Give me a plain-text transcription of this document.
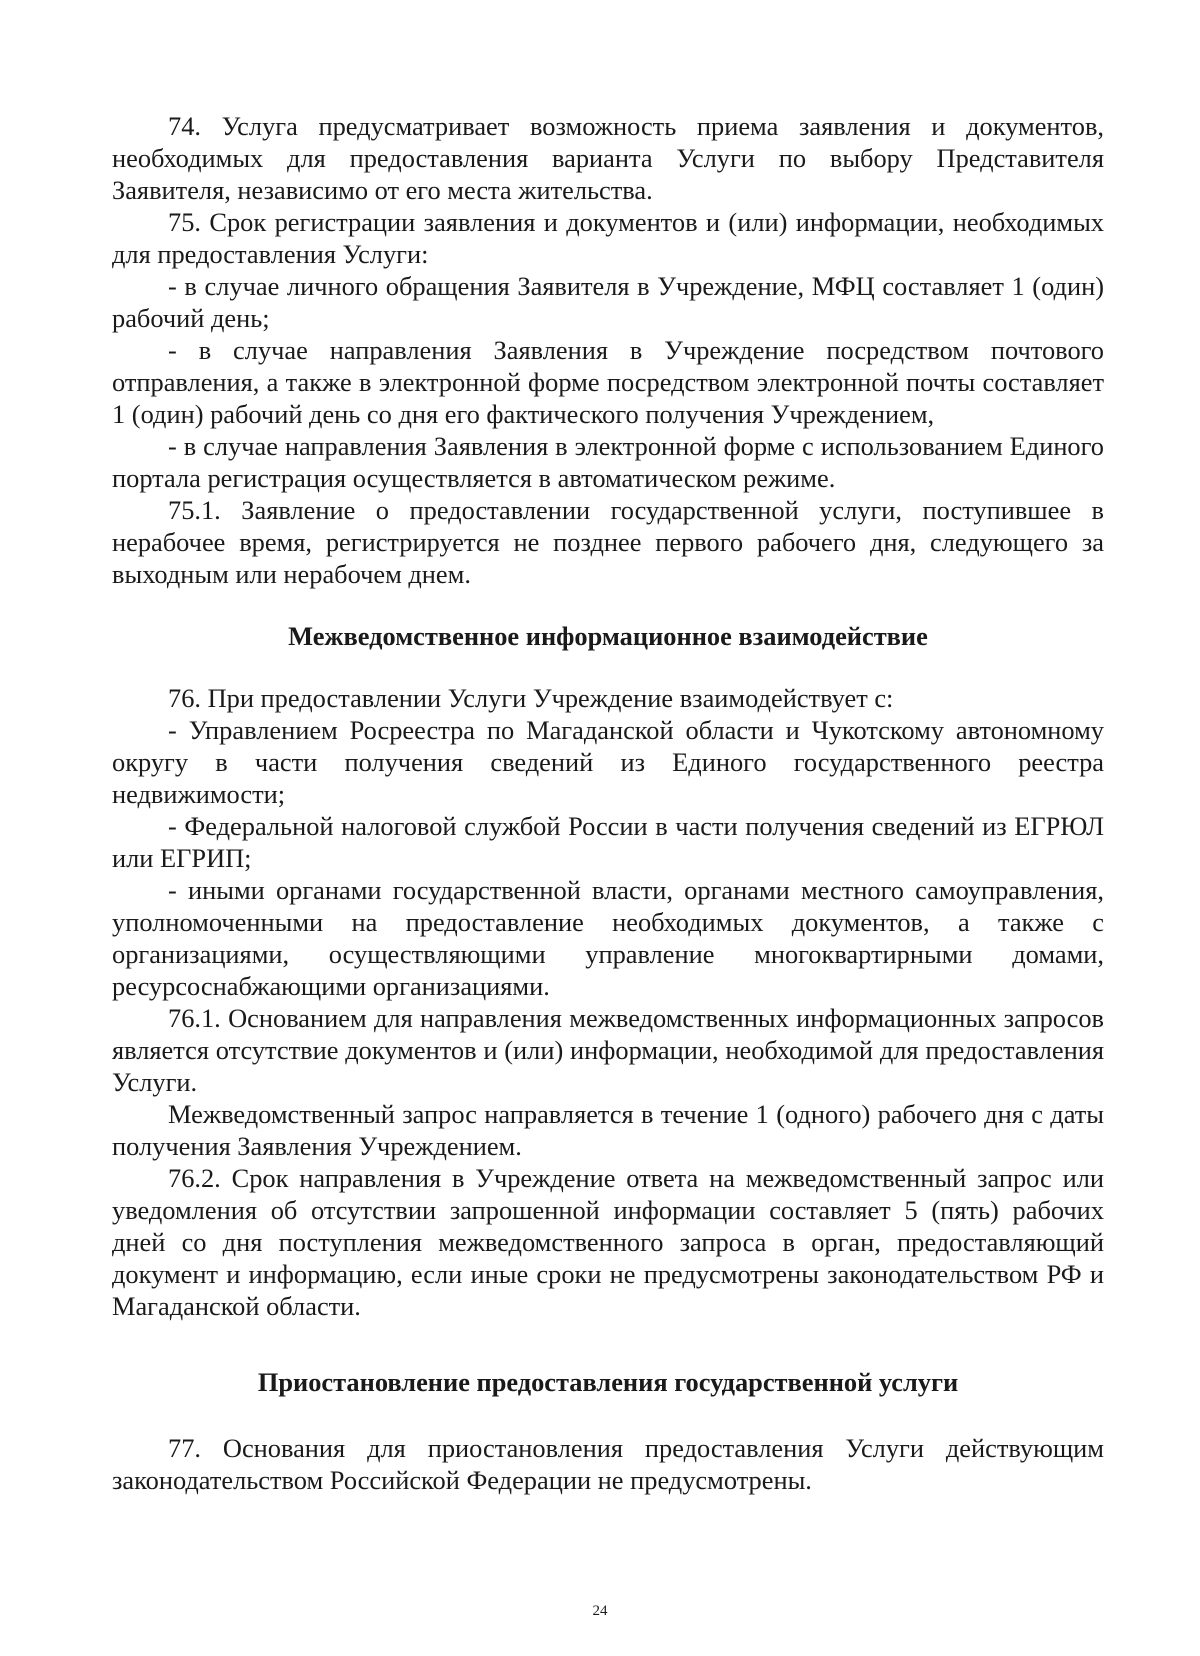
74. Услуга предусматривает возможность приема заявления и документов, необходимых для предоставления варианта Услуги по выбору Представителя Заявителя, независимо от его места жительства.

75. Срок регистрации заявления и документов и (или) информации, необходимых для предоставления Услуги:

- в случае личного обращения Заявителя в Учреждение, МФЦ составляет 1 (один) рабочий день;

- в случае направления Заявления в Учреждение посредством почтового отправления, а также в электронной форме посредством электронной почты составляет 1 (один) рабочий день со дня его фактического получения Учреждением,

- в случае направления Заявления в электронной форме с использованием Единого портала регистрация осуществляется в автоматическом режиме.

75.1. Заявление о предоставлении государственной услуги, поступившее в нерабочее время, регистрируется не позднее первого рабочего дня, следующего за выходным или нерабочем днем.

Межведомственное информационное взаимодействие

76. При предоставлении Услуги Учреждение взаимодействует с:

- Управлением Росреестра по Магаданской области и Чукотскому автономному округу в части получения сведений из Единого государственного реестра недвижимости;

- Федеральной налоговой службой России в части получения сведений из ЕГРЮЛ или ЕГРИП;

- иными органами государственной власти, органами местного самоуправления, уполномоченными на предоставление необходимых документов, а также с организациями, осуществляющими управление многоквартирными домами, ресурсоснабжающими организациями.

76.1. Основанием для направления межведомственных информационных запросов является отсутствие документов и (или) информации, необходимой для предоставления Услуги.

Межведомственный запрос направляется в течение 1 (одного) рабочего дня с даты получения Заявления Учреждением.

76.2. Срок направления в Учреждение ответа на межведомственный запрос или уведомления об отсутствии запрошенной информации составляет 5 (пять) рабочих дней со дня поступления межведомственного запроса в орган, предоставляющий документ и информацию, если иные сроки не предусмотрены законодательством РФ и Магаданской области.

Приостановление предоставления государственной услуги

77. Основания для приостановления предоставления Услуги действующим законодательством Российской Федерации не предусмотрены.

24
